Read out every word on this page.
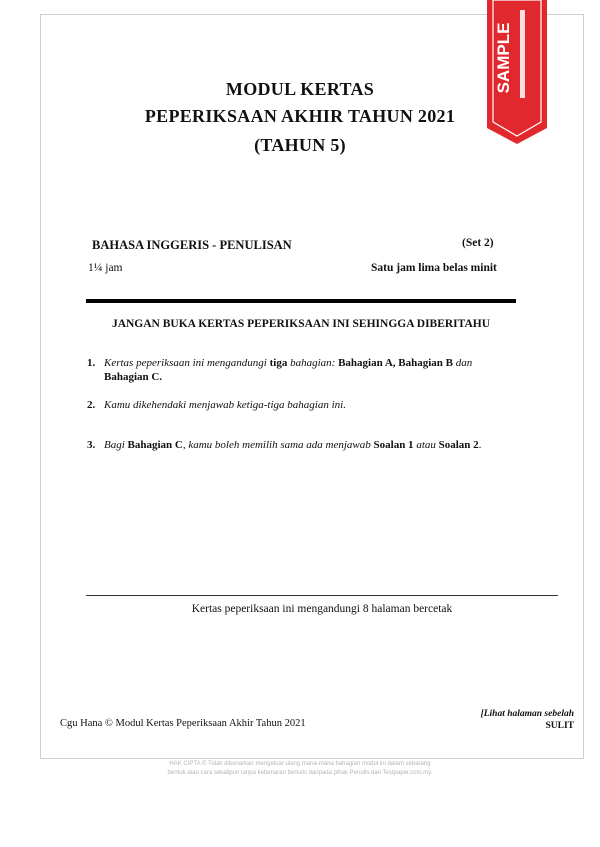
MODUL KERTAS
PEPERIKSAAN AKHIR TAHUN 2021
(TAHUN 5)
BAHASA INGGERIS - PENULISAN	(Set 2)
1¼ jam	Satu jam lima belas minit
JANGAN BUKA KERTAS PEPERIKSAAN INI SEHINGGA DIBERITAHU
1. Kertas peperiksaan ini mengandungi tiga bahagian: Bahagian A, Bahagian B dan Bahagian C.
2. Kamu dikehendaki menjawab ketiga-tiga bahagian ini.
3. Bagi Bahagian C, kamu boleh memilih sama ada menjawab Soalan 1 atau Soalan 2.
Kertas peperiksaan ini mengandungi 8 halaman bercetak
Cgu Hana © Modul Kertas Peperiksaan Akhir Tahun 2021
[Lihat halaman sebelah
SULIT
HAK CIPTA © Tidak dibenarkan mengeluar ulang mana-mana bahagian modul ini dalam sebarang
bentuk atau cara sekalipun tanpa kebenaran bertulis daripada pihak Penulis dan Testpaper.com.my.
SAMPLE
